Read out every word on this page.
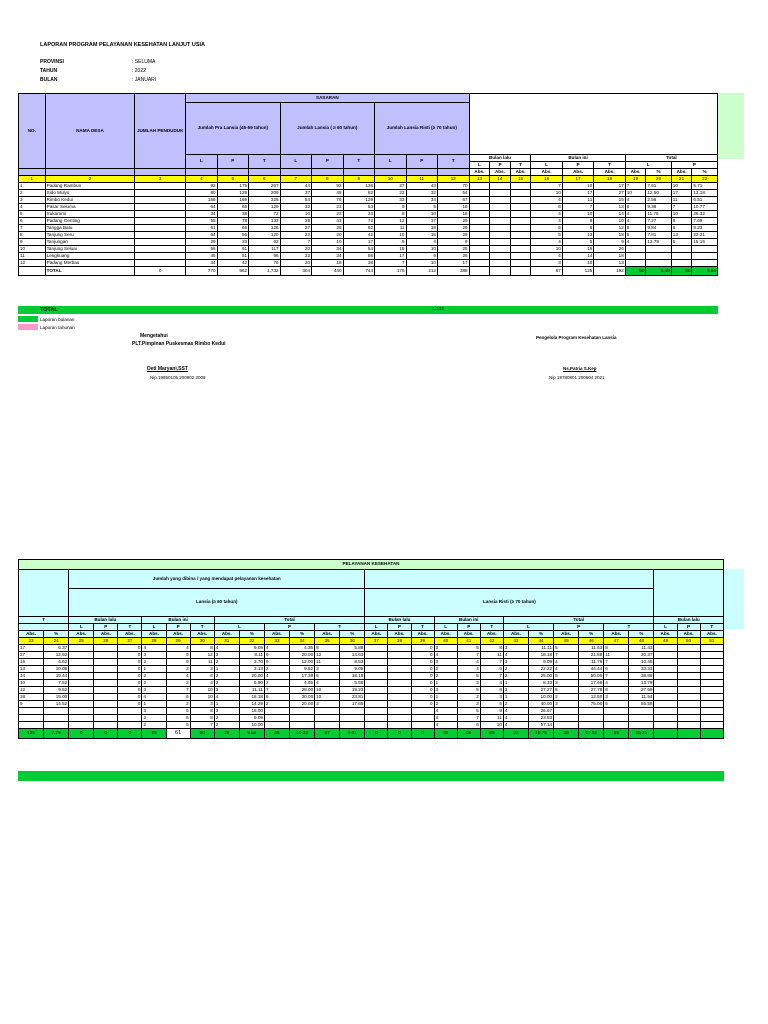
LAPORAN PROGRAM PELAYANAN KESEHATAN LANJUT USIA
NO.	NAMA DESA	JUMLAH PENDUDUK	SASARAN																		
			Jumlah Pra Lansia (45-59 tahun)			Jumlah Lansia ( ≥ 60 tahun)			Jumlah Lansia Risti (≥ 70 tahun)												
			L	P	T	L	P	T	L	P	T	Bulan lalu			Bulan ini			Total			
												L	P	T	L	P	T	L		P	
												Abs.	Abs.	Abs.	Abs.	Abs.	Abs.	Abs.	%	Abs.	%
1	2	3	4	5	6	7	8	9	10	11	12	13	14	15	16	17	18	19	20	21	22
1	Padang Rambun		92	175	267	44	92	136	27	43	70				7	10	17	7	7.61	10	5.71
2	Sido Mulyo		80	129	209	37	45	82	22	32	54				10	17	27	10	12.50	17	13.18
3	Rimbo Kedui		156	169	325	54	75	129	33	34	67				4	11	15	4	2.56	11	6.51
4	Pasar Seluma		64	65	129	32	21	53	9	9	18				6	7	13	6	9.38	7	10.77
5	Sukarami		34	38	72	10	23	33	8	10	18				4	10	14	4	11.76	10	26.32
6	Padang Genting		55	78	133	29	43	72	12	17	29				4	6	10	4	7.27	6	7.69
7	Tangga Batu		61	65	126	27	25	52	11	18	29				6	6	12	6	9.84	6	9.23
8	Tanjung Seru		64	56	120	22	20	42	10	16	26				5	13	18	5	7.81	13	23.21
9	Tanjungan		29	33	62	7	10	17	5	4	9				4	5	9	4	13.79	5	15.15
10	Tanjung Seluai		56	61	117	20	34	54	15	10	25				10	16	26				
11	Lengkuang		45	51	96	22	34	56	17	9	26				4	14	18				
12	Padang Merbau		34	42	76	20	18	38	7	10	17				3	10	13				
	TOTAL	0	770	962	1,732	304	440	744	176	212	388				67	125	192	50	6.49	85	8.84
TOTAL	1,132
Laporan bulanan
Laporan tahunan
Mengetahui
PLT.Pimpinan Puskesmas Rimbo Kedui
Deti Maryani,SST
Nip.19850105 200902 2008
Pengelola Program Kesehatan Lansia
Ns.Patria S.Kep
Nip 19780801 200604 2021
PELAYANAN KESEHATAN																												
		Jumlah yang dibina / yang mendapat pelayanan kesehatan																										
		Lansia (≥ 60 tahun)												Lansia Risti (≥ 70 tahun)														
T		Bulan lalu			Bulan ini			Total						Bulan lalu			Bulan ini			Total						Bulan lalu		
		L	P	T	L	P	T	L		P		T		L	P	T	L	P	T	L		P		T		L	P	T
Abs.	%	Abs.	Abs.	Abs.	Abs.	Abs.	Abs.	Abs.	%	Abs.	%	Abs.	%	Abs.	Abs.	Abs.	Abs.	Abs.	Abs.	Abs.	%	Abs.	%	Abs.	%	Abs.	Abs.	Abs.
23	24	25	26	27	28	29	30	31	32	33	34	35	36	37	38	39	40	41	42	43	44	45	46	47	48	49	50	51
17	6.37			0	4	4	8	4	9.09	4	4.35	8	5.88			0	3	5	8	3	11.11	5	11.63	8	11.43			
27	12.92			0	3	9	12	3	8.11	9	20.00	12	14.63			0	4	7	11	4	18.18	7	21.88	11	20.37			
15	4.62			0	2	9	11	2	3.70	9	12.00	11	8.53			0	3	4	7	3	9.09	4	11.76	7	10.45			
13	10.08			0	1	2	3	1	3.13	2	9.52	3	9.09			0	2	4	6	2	22.22	4	44.44	6	33.33			
14	19.44			0	2	4	6	2	20.00	4	17.39	6	18.18			0	2	5	7	2	25.00	5	50.00	7	38.89			
10	7.52			0	2	2	4	2	6.90	2	4.65	4	5.56			0	1	3	4	1	8.33	3	17.65	4	13.79			
12	9.52			0	3	7	10	3	11.11	7	28.00	10	19.23			0	3	5	8	3	27.27	5	27.78	8	27.59			
18	15.00			0	4	6	10	4	18.18	6	30.00	10	23.81			0	1	2	3	1	10.00	2	12.50	3	11.54			
9	14.52			0	1	2	3	1	14.29	2	20.00	3	17.65			0	2	3	5	2	40.00	3	75.00	5	55.56			
					3	5	8	3	15.00								4	5	9	4	26.67							
					2	6	8	2	9.09								4	7	11	4	23.53							
					2	5	7	2	10.00								4	6	10	4	57.14							
135	7.79	0	0	0	29	61	90	29	9.54	45	10.23	67	9.01	0	0	0	33	56	89	33	18.75	38	17.92	59	15.21			
PROVINSI	: SELUMA
TAHUN	: 2022
BULAN	: JANUARI
